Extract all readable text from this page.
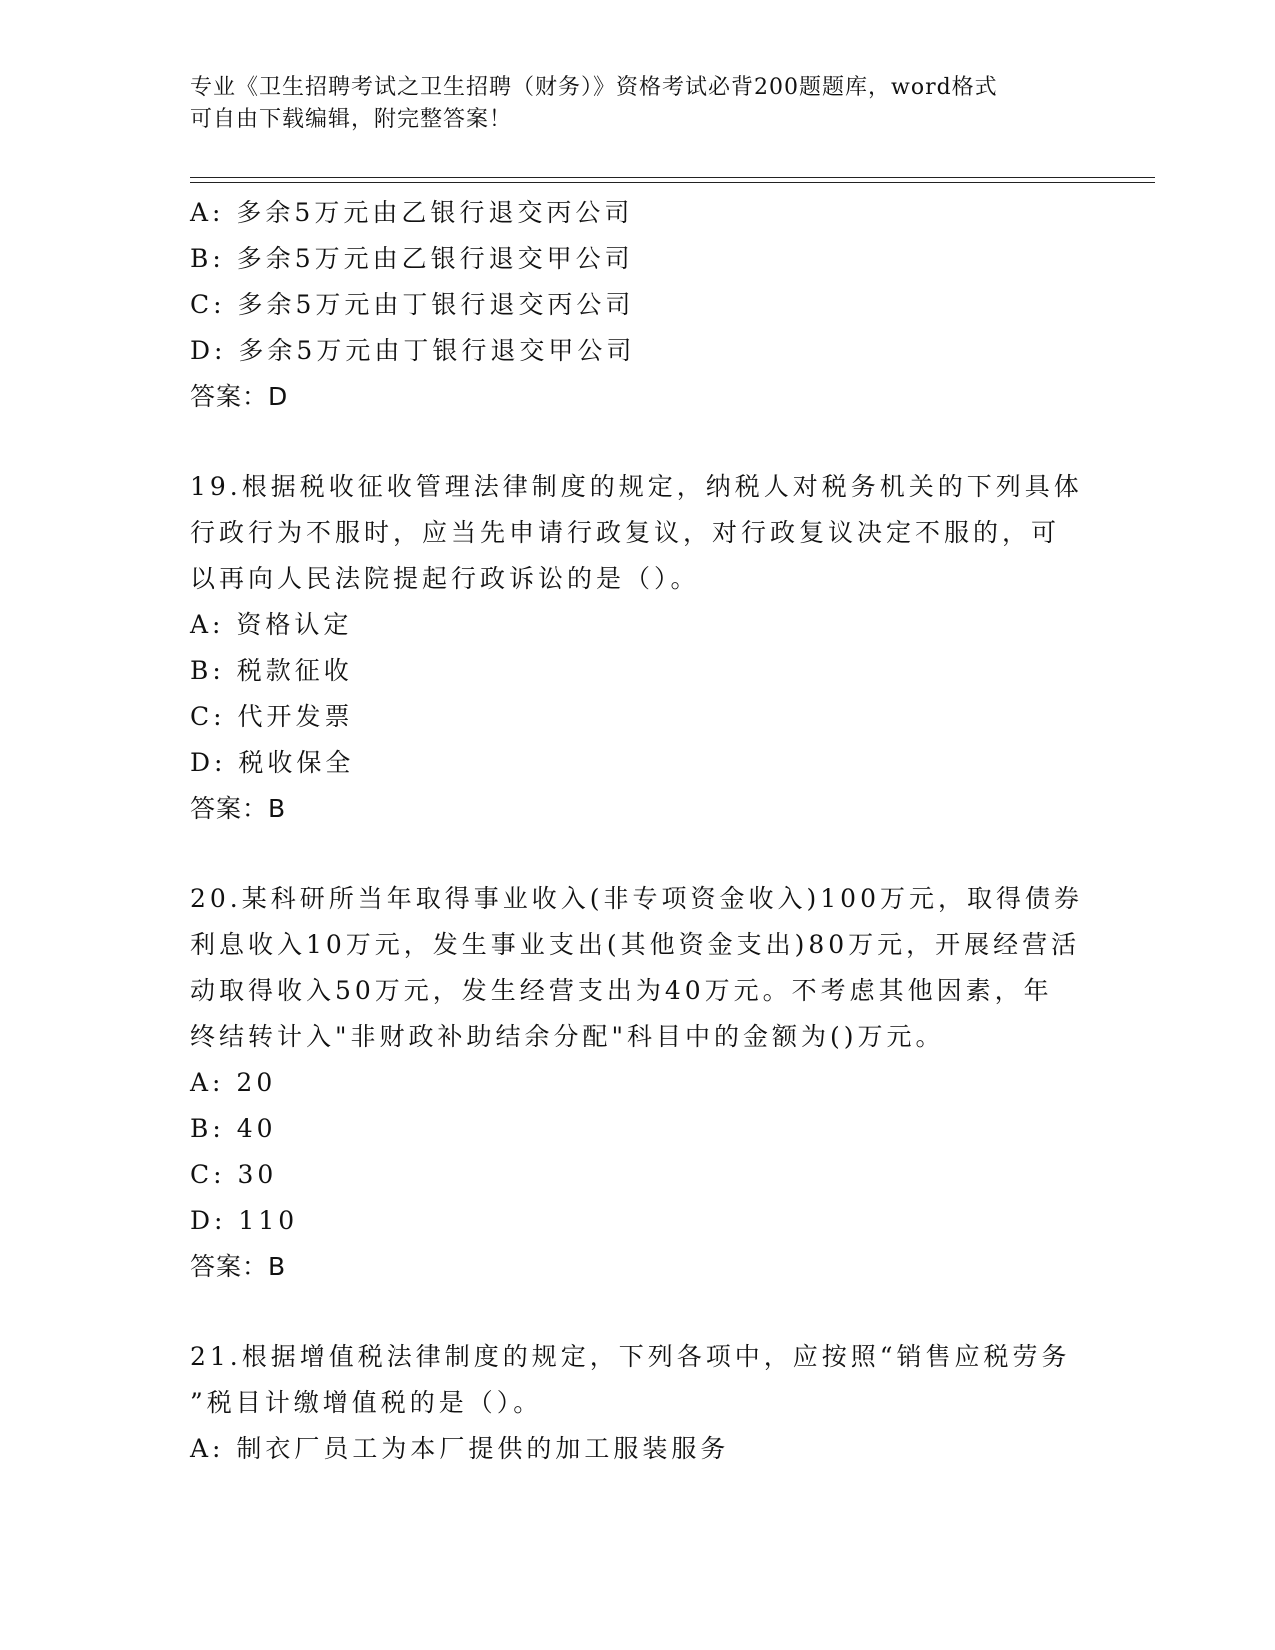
专业《卫生招聘考试之卫生招聘（财务）》资格考试必背200题题库，word格式
可自由下载编辑，附完整答案！
A: 多余5万元由乙银行退交丙公司
B: 多余5万元由乙银行退交甲公司
C: 多余5万元由丁银行退交丙公司
D: 多余5万元由丁银行退交甲公司
答案：D
19.根据税收征收管理法律制度的规定，纳税人对税务机关的下列具体
行政行为不服时，应当先申请行政复议，对行政复议决定不服的，可
以再向人民法院提起行政诉讼的是（）。
A: 资格认定
B: 税款征收
C: 代开发票
D: 税收保全
答案：B
20.某科研所当年取得事业收入(非专项资金收入)100万元，取得债券
利息收入10万元，发生事业支出(其他资金支出)80万元，开展经营活
动取得收入50万元，发生经营支出为40万元。不考虑其他因素，年
终结转计入"非财政补助结余分配"科目中的金额为()万元。
A: 20
B: 40
C: 30
D: 110
答案：B
21.根据增值税法律制度的规定，下列各项中，应按照“销售应税劳务
”税目计缴增值税的是（）。
A: 制衣厂员工为本厂提供的加工服装服务
